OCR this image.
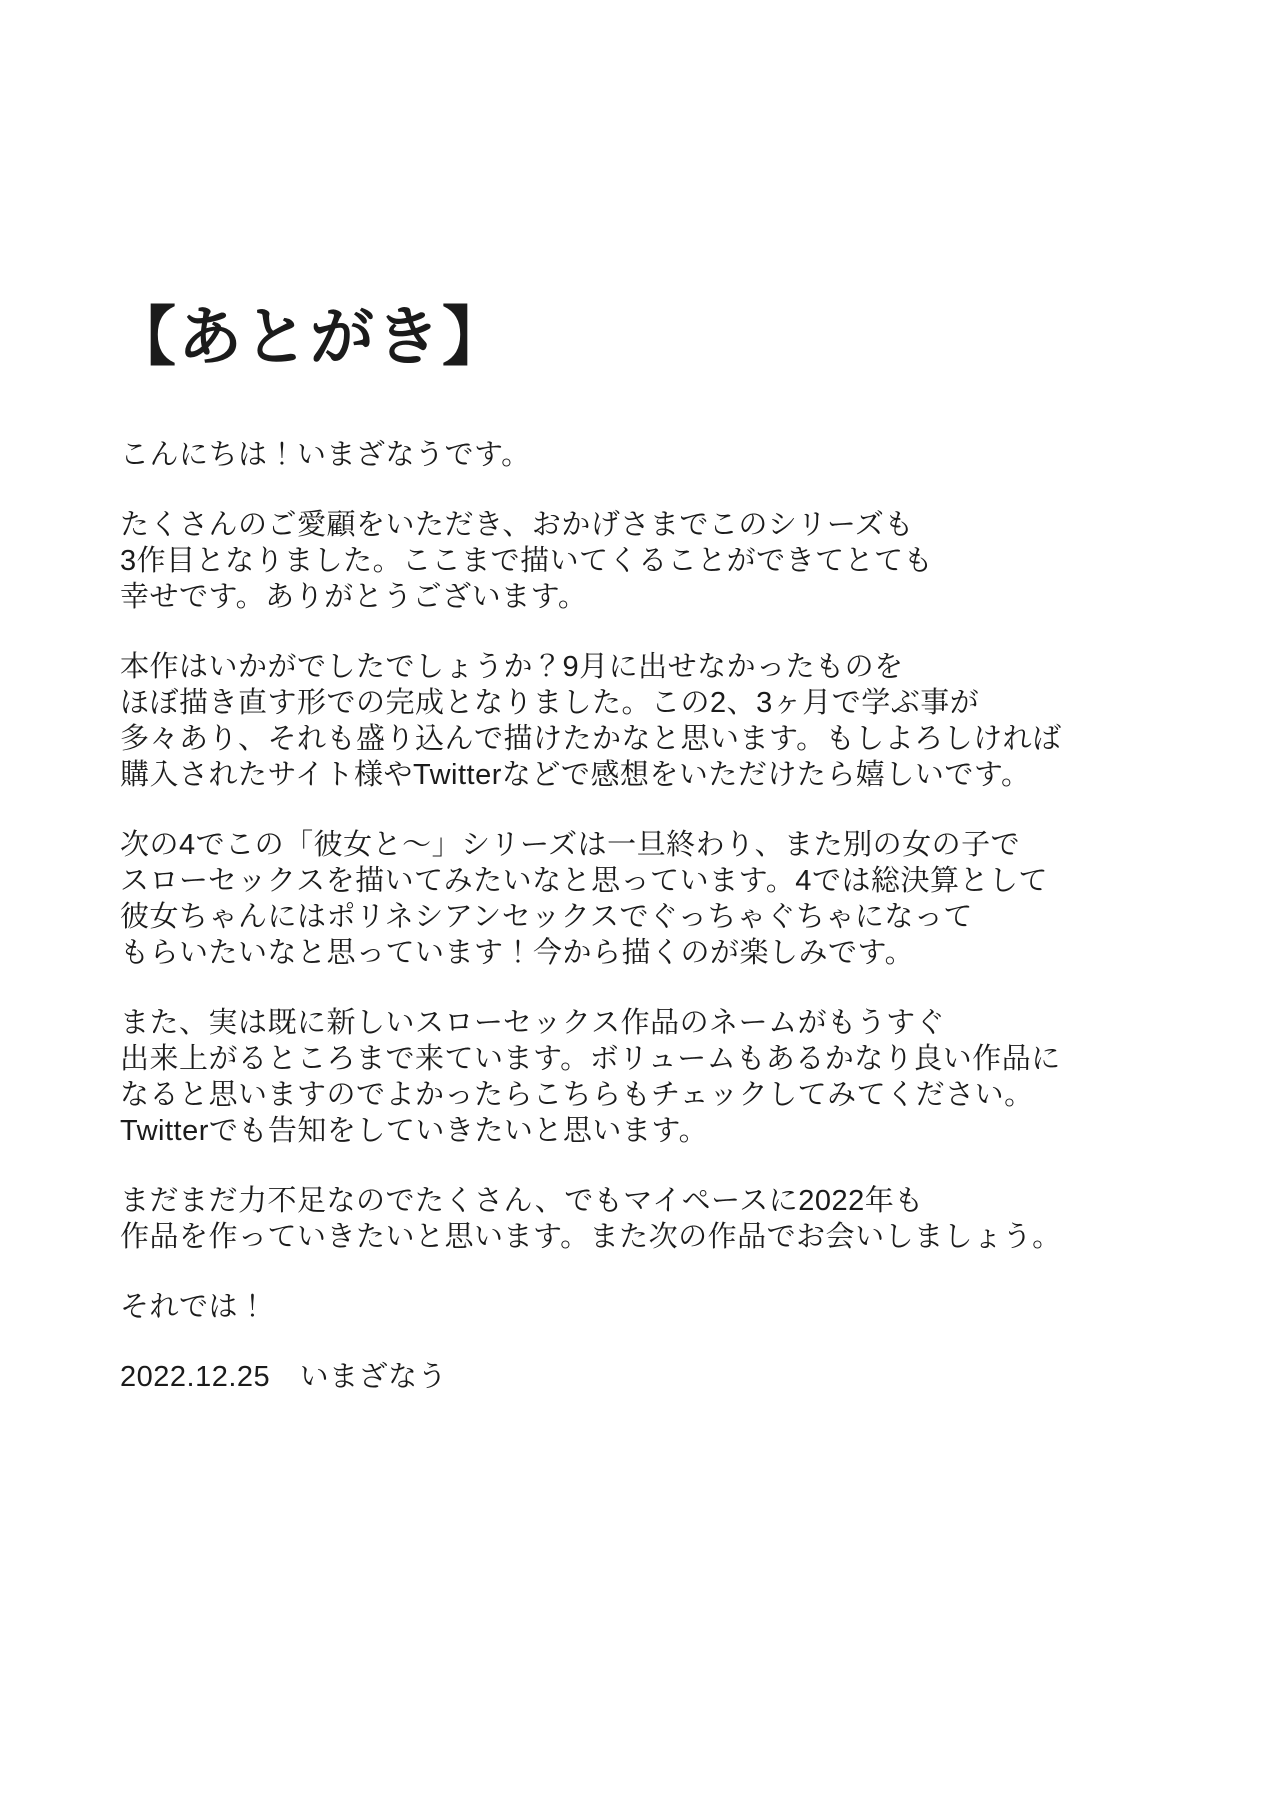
【あとがき】

こんにちは！いまざなうです。

たくさんのご愛顧をいただき、おかげさまでこのシリーズも
3作目となりました。ここまで描いてくることができてとても
幸せです。ありがとうございます。

本作はいかがでしたでしょうか？9月に出せなかったものを
ほぼ描き直す形での完成となりました。この2、3ヶ月で学ぶ事が
多々あり、それも盛り込んで描けたかなと思います。もしよろしければ
購入されたサイト様やTwitterなどで感想をいただけたら嬉しいです。

次の4でこの「彼女と〜」シリーズは一旦終わり、また別の女の子で
スローセックスを描いてみたいなと思っています。4では総決算として
彼女ちゃんにはポリネシアンセックスでぐっちゃぐちゃになって
もらいたいなと思っています！今から描くのが楽しみです。

また、実は既に新しいスローセックス作品のネームがもうすぐ
出来上がるところまで来ています。ボリュームもあるかなり良い作品に
なると思いますのでよかったらこちらもチェックしてみてください。
Twitterでも告知をしていきたいと思います。

まだまだ力不足なのでたくさん、でもマイペースに2022年も
作品を作っていきたいと思います。また次の作品でお会いしましょう。

それでは！

2022.12.25　いまざなう
